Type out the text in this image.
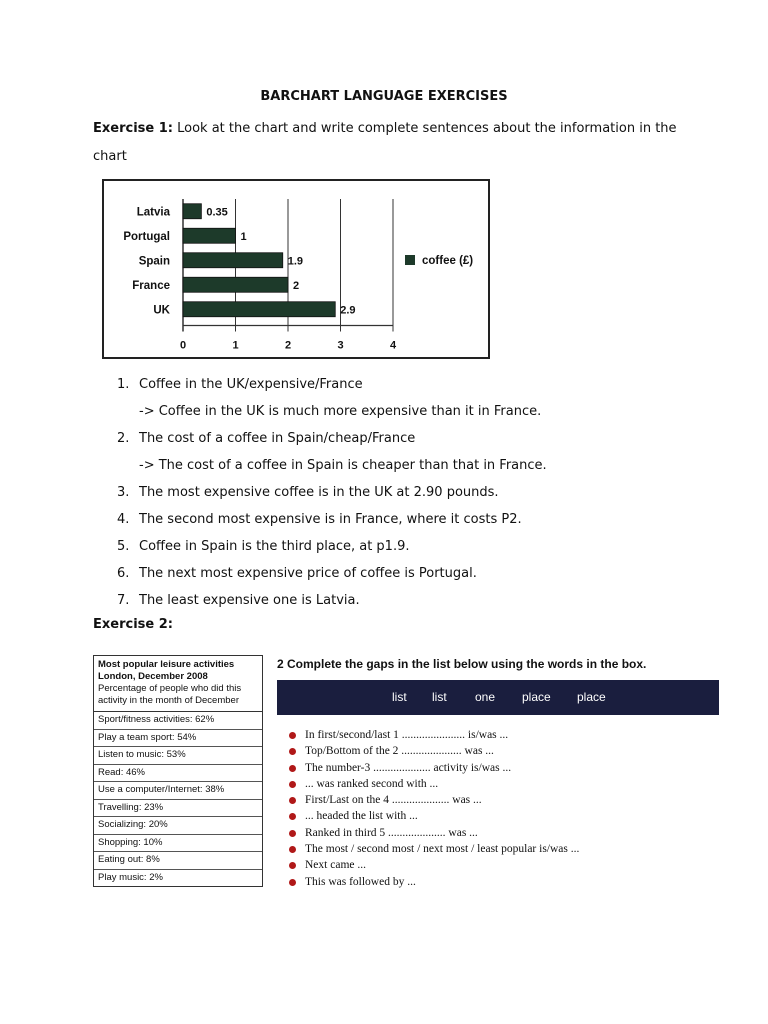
BARCHART LANGUAGE EXERCISES
Exercise 1: Look at the chart and write complete sentences about the information in the chart
0	1	2	3	4
Latvia	0.35
Portugal	1
Spain	1.9
France	2
UK	2.9
coffee (£)
1. Coffee in the UK/expensive/France
-> Coffee in the UK is much more expensive than it in France.
2. The cost of a coffee in Spain/cheap/France
-> The cost of a coffee in Spain is cheaper than that in France.
3. The most expensive coffee is in the UK at 2.90 pounds.
4. The second most expensive is in France, where it costs P2.
5. Coffee in Spain is the third place, at p1.9.
6. The next most expensive price of coffee is Portugal.
7. The least expensive one is Latvia.
Exercise 2:
Most popular leisure activities
London, December 2008
Percentage of people who did this activity in the month of December
Sport/fitness activities: 62%
Play a team sport: 54%
Listen to music: 53%
Read: 46%
Use a computer/Internet: 38%
Travelling: 23%
Socializing: 20%
Shopping: 10%
Eating out: 8%
Play music: 2%
2 Complete the gaps in the list below using the words in the box.
list list one place place
In first/second/last 1 ...................... is/was ...
Top/Bottom of the 2 ..................... was ...
The number-3 .................... activity is/was ...
... was ranked second with ...
First/Last on the 4 .................... was ...
... headed the list with ...
Ranked in third 5 .................... was ...
The most / second most / next most / least popular is/was ...
Next came ...
This was followed by ...
